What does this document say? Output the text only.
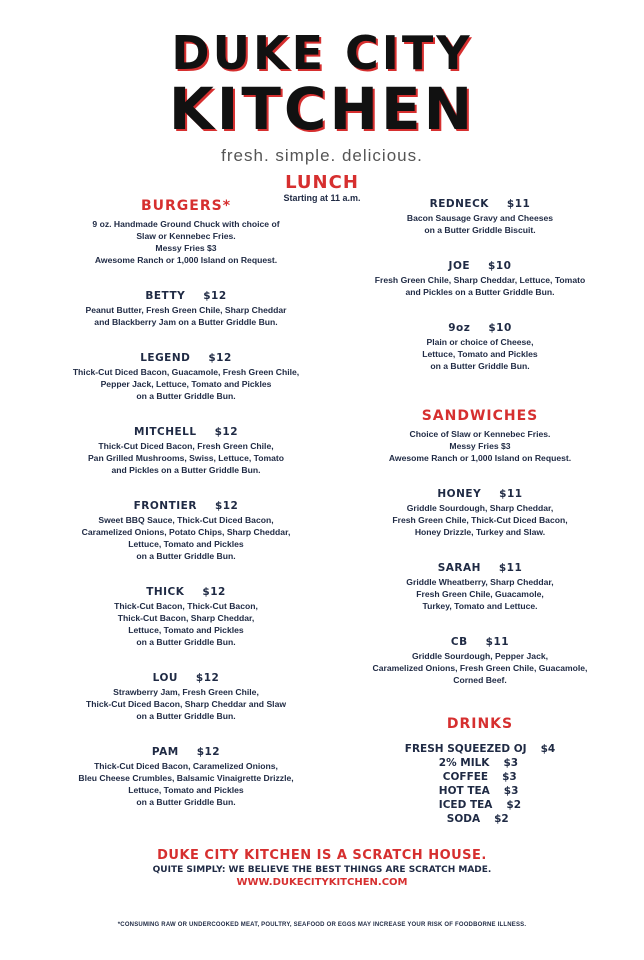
DUKE CITY
KITCHEN
fresh. simple. delicious.
LUNCH
Starting at 11 a.m.
BURGERS*
9 oz. Handmade Ground Chuck with choice of
Slaw or Kennebec Fries.
Messy Fries $3
Awesome Ranch or 1,000 Island on Request.
BETTY $12
Peanut Butter, Fresh Green Chile, Sharp Cheddar
and Blackberry Jam on a Butter Griddle Bun.
LEGEND $12
Thick-Cut Diced Bacon, Guacamole, Fresh Green Chile,
Pepper Jack, Lettuce, Tomato and Pickles
on a Butter Griddle Bun.
MITCHELL $12
Thick-Cut Diced Bacon, Fresh Green Chile,
Pan Grilled Mushrooms, Swiss, Lettuce, Tomato
and Pickles on a Butter Griddle Bun.
FRONTIER $12
Sweet BBQ Sauce, Thick-Cut Diced Bacon,
Caramelized Onions, Potato Chips, Sharp Cheddar,
Lettuce, Tomato and Pickles
on a Butter Griddle Bun.
THICK $12
Thick-Cut Bacon, Thick-Cut Bacon,
Thick-Cut Bacon, Sharp Cheddar,
Lettuce, Tomato and Pickles
on a Butter Griddle Bun.
LOU $12
Strawberry Jam, Fresh Green Chile,
Thick-Cut Diced Bacon, Sharp Cheddar and Slaw
on a Butter Griddle Bun.
PAM $12
Thick-Cut Diced Bacon, Caramelized Onions,
Bleu Cheese Crumbles, Balsamic Vinaigrette Drizzle,
Lettuce, Tomato and Pickles
on a Butter Griddle Bun.
REDNECK $11
Bacon Sausage Gravy and Cheeses
on a Butter Griddle Biscuit.
JOE $10
Fresh Green Chile, Sharp Cheddar, Lettuce, Tomato
and Pickles on a Butter Griddle Bun.
9oz $10
Plain or choice of Cheese,
Lettuce, Tomato and Pickles
on a Butter Griddle Bun.
SANDWICHES
Choice of Slaw or Kennebec Fries.
Messy Fries $3
Awesome Ranch or 1,000 Island on Request.
HONEY $11
Griddle Sourdough, Sharp Cheddar,
Fresh Green Chile, Thick-Cut Diced Bacon,
Honey Drizzle, Turkey and Slaw.
SARAH $11
Griddle Wheatberry, Sharp Cheddar,
Fresh Green Chile, Guacamole,
Turkey, Tomato and Lettuce.
CB $11
Griddle Sourdough, Pepper Jack,
Caramelized Onions, Fresh Green Chile, Guacamole,
Corned Beef.
DRINKS
FRESH SQUEEZED OJ $4
2% MILK $3
COFFEE $3
HOT TEA $3
ICED TEA $2
SODA $2
DUKE CITY KITCHEN IS A SCRATCH HOUSE.
QUITE SIMPLY: WE BELIEVE THE BEST THINGS ARE SCRATCH MADE.
WWW.DUKECITYKITCHEN.COM
*CONSUMING RAW OR UNDERCOOKED MEAT, POULTRY, SEAFOOD OR EGGS MAY INCREASE YOUR RISK OF FOODBORNE ILLNESS.
